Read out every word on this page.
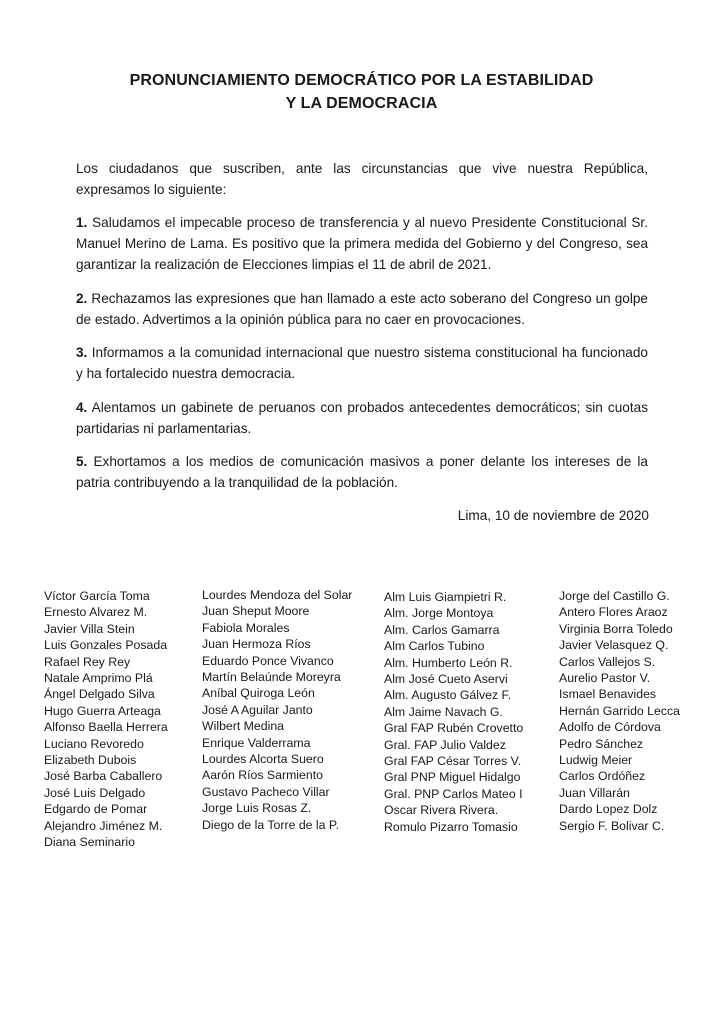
PRONUNCIAMIENTO DEMOCRÁTICO POR LA ESTABILIDAD
Y LA DEMOCRACIA

Los ciudadanos que suscriben, ante las circunstancias que vive nuestra República, expresamos lo siguiente:

1. Saludamos el impecable proceso de transferencia y al nuevo Presidente Constitucional Sr. Manuel Merino de Lama. Es positivo que la primera medida del Gobierno y del Congreso, sea garantizar la realización de Elecciones limpias el 11 de abril de 2021.

2. Rechazamos las expresiones que han llamado a este acto soberano del Congreso un golpe de estado. Advertimos a la opinión pública para no caer en provocaciones.

3. Informamos a la comunidad internacional que nuestro sistema constitucional ha funcionado y ha fortalecido nuestra democracia.

4. Alentamos un gabinete de peruanos con probados antecedentes democráticos; sin cuotas partidarias ni parlamentarias.

5. Exhortamos a los medios de comunicación masivos a poner delante los intereses de la patria contribuyendo a la tranquilidad de la población.

Lima, 10 de noviembre de 2020

Víctor García Toma
Ernesto Alvarez M.
Javier Villa Stein
Luis Gonzales Posada
Rafael Rey Rey
Natale Amprimo Plá
Ángel Delgado Silva
Hugo Guerra Arteaga
Alfonso Baella Herrera
Luciano Revoredo
Elizabeth Dubois
José Barba Caballero
José Luis Delgado
Edgardo de Pomar
Alejandro Jiménez M.
Diana Seminario
Lourdes Mendoza del Solar
Juan Sheput Moore
Fabiola Morales
Juan Hermoza Ríos
Eduardo Ponce Vivanco
Martín Belaúnde Moreyra
Aníbal Quiroga León
José A Aguilar Janto
Wilbert Medina
Enrique Valderrama
Lourdes Alcorta Suero
Aarón Ríos Sarmiento
Gustavo Pacheco Villar
Jorge Luis Rosas Z.
Diego de la Torre de la P.
Alm Luis Giampietri R.
Alm. Jorge Montoya
Alm. Carlos Gamarra
Alm Carlos Tubino
Alm. Humberto León R.
Alm José Cueto Aservi
Alm. Augusto Gálvez F.
Alm Jaime Navach G.
Gral FAP Rubén Crovetto
Gral. FAP Julio Valdez
Gral FAP César Torres V.
Gral PNP Miguel Hidalgo
Gral. PNP Carlos Mateo I
Oscar Rivera Rivera.
Romulo Pizarro Tomasio
Jorge del Castillo G.
Antero Flores Araoz
Virginia Borra Toledo
Javier Velasquez Q.
Carlos Vallejos S.
Aurelio Pastor V.
Ismael Benavides
Hernán Garrido Lecca
Adolfo de Córdova
Pedro Sánchez
Ludwig Meier
Carlos Ordóñez
Juan Villarán
Dardo Lopez Dolz
Sergio F. Bolivar C.
